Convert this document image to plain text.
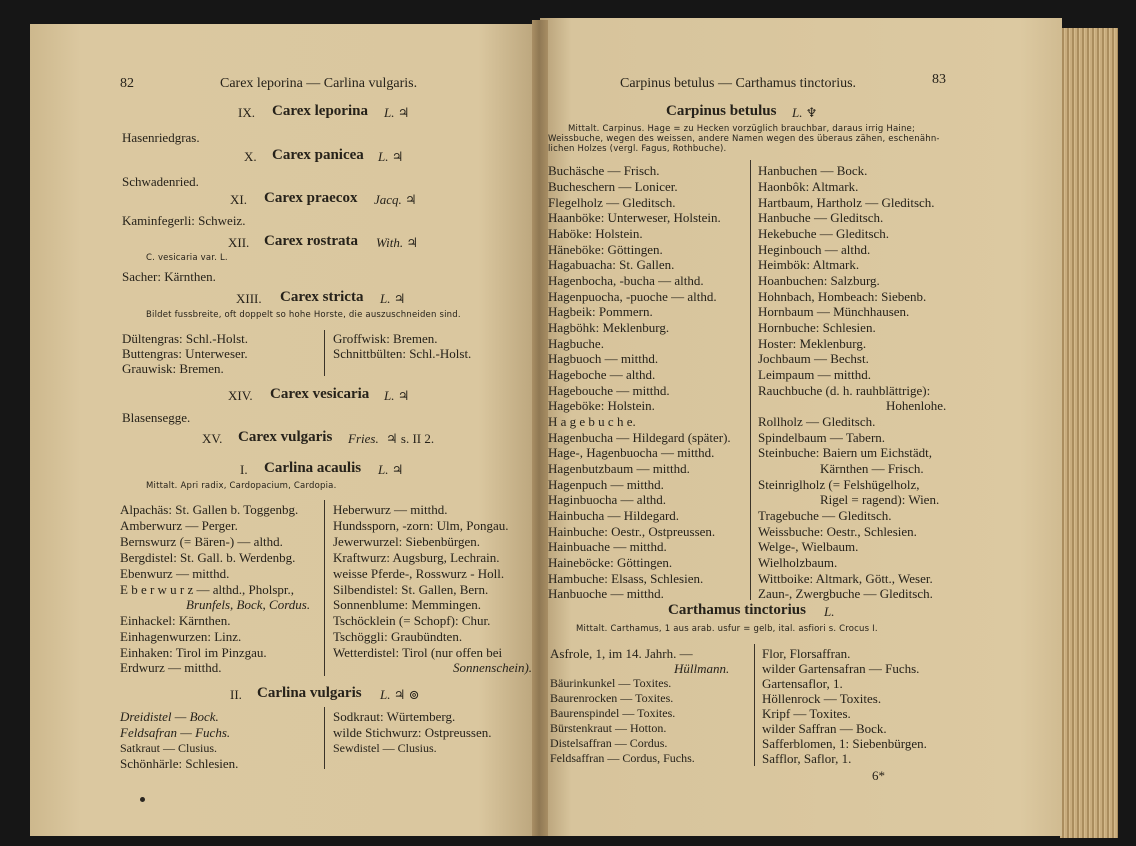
82	Carex leporina — Carlina vulgaris.
IX. Carex leporina L. ♃
Hasenriedgras.
X. Carex panicea L. ♃
Schwadenried.
XI. Carex praecox Jacq. ♃
Kaminfegerli: Schweiz.
XII. Carex rostrata With. ♃
C. vesicaria var. L.
Sacher: Kärnthen.
XIII. Carex stricta L. ♃
Bildet fussbreite, oft doppelt so hohe Horste, die auszuschneiden sind.
Dültengras: Schl.-Holst.
Buttengras: Unterweser.
Grauwisk: Bremen.
Groffwisk: Bremen.
Schnittbülten: Schl.-Holst.
XIV. Carex vesicaria L. ♃
Blasensegge.
XV. Carex vulgaris Fries. ♃ s. II 2.
I. Carlina acaulis L. ♃
Mittalt. Apri radix, Cardopacium, Cardopia.
Alpachäs: St. Gallen b. Toggenbg.
Amberwurz — Perger.
Bernswurz (= Bären-) — althd.
Bergdistel: St. Gall. b. Werdenbg.
Ebenwurz — mitthd.
E b e r w u r z — althd., Pholspr.,
Brunfels, Bock, Cordus.
Einhackel: Kärnthen.
Einhagenwurzen: Linz.
Einhaken: Tirol im Pinzgau.
Erdwurz — mitthd.
Heberwurz — mitthd.
Hundssporn, -zorn: Ulm, Pongau.
Jewerwurzel: Siebenbürgen.
Kraftwurz: Augsburg, Lechrain.
weisse Pferde-, Rosswurz - Holl.
Silbendistel: St. Gallen, Bern.
Sonnenblume: Memmingen.
Tschöcklein (= Schopf): Chur.
Tschöggli: Graubündten.
Wetterdistel: Tirol (nur offen bei
Sonnenschein).
II. Carlina vulgaris L. ♃ ⊚
Dreidistel — Bock.
Feldsafran — Fuchs.
Satkraut — Clusius.
Schönhärle: Schlesien.
Sodkraut: Würtemberg.
wilde Stichwurz: Ostpreussen.
Sewdistel — Clusius.
Carpinus betulus — Carthamus tinctorius.	83
Carpinus betulus L. ♆
Mittalt. Carpinus. Hage = zu Hecken vorzüglich brauchbar, daraus irrig Haine;
Weissbuche, wegen des weissen, andere Namen wegen des überaus zähen, eschenähn-
lichen Holzes (vergl. Fagus, Rothbuche).
Buchäsche — Frisch.
Bucheschern — Lonicer.
Flegelholz — Gleditsch.
Haanböke: Unterweser, Holstein.
Haböke: Holstein.
Häneböke: Göttingen.
Hagabuacha: St. Gallen.
Hagenbocha, -bucha — althd.
Hagenpuocha, -puoche — althd.
Hagbeik: Pommern.
Hagböhk: Meklenburg.
Hagbuche.
Hagbuoch — mitthd.
Hageboche — althd.
Hagebouche — mitthd.
Hageböke: Holstein.
H a g e b u c h e.
Hagenbucha — Hildegard (später).
Hage-, Hagenbuocha — mitthd.
Hagenbutzbaum — mitthd.
Hagenpuch — mitthd.
Haginbuocha — althd.
Hainbucha — Hildegard.
Hainbuche: Oestr., Ostpreussen.
Hainbuache — mitthd.
Haineböcke: Göttingen.
Hambuche: Elsass, Schlesien.
Hanbuoche — mitthd.
Hanbuchen — Bock.
Haonbôk: Altmark.
Hartbaum, Hartholz — Gleditsch.
Hanbuche — Gleditsch.
Hekebuche — Gleditsch.
Heginbouch — althd.
Heimbök: Altmark.
Hoanbuchen: Salzburg.
Hohnbach, Hombeach: Siebenb.
Hornbaum — Münchhausen.
Hornbuche: Schlesien.
Hoster: Meklenburg.
Jochbaum — Bechst.
Leimpaum — mitthd.
Rauchbuche (d. h. rauhblättrige):
Hohenlohe.
Rollholz — Gleditsch.
Spindelbaum — Tabern.
Steinbuche: Baiern um Eichstädt,
Kärnthen — Frisch.
Steinriglholz (= Felshügelholz,
Rigel = ragend): Wien.
Tragebuche — Gleditsch.
Weissbuche: Oestr., Schlesien.
Welge-, Wielbaum.
Wielholzbaum.
Wittboike: Altmark, Gött., Weser.
Zaun-, Zwergbuche — Gleditsch.
Carthamus tinctorius L.
Mittalt. Carthamus, 1 aus arab. usfur = gelb, ital. asfiori s. Crocus I.
Asfrole, 1, im 14. Jahrh. —
Hüllmann.
Bäurinkunkel — Toxites.
Baurenrocken — Toxites.
Baurenspindel — Toxites.
Bürstenkraut — Hotton.
Distelsaffran — Cordus.
Feldsaffran — Cordus, Fuchs.
Flor, Florsaffran.
wilder Gartensafran — Fuchs.
Gartensaflor, 1.
Höllenrock — Toxites.
Kripf — Toxites.
wilder Saffran — Bock.
Safferblomen, 1: Siebenbürgen.
Safflor, Saflor, 1.
6*
